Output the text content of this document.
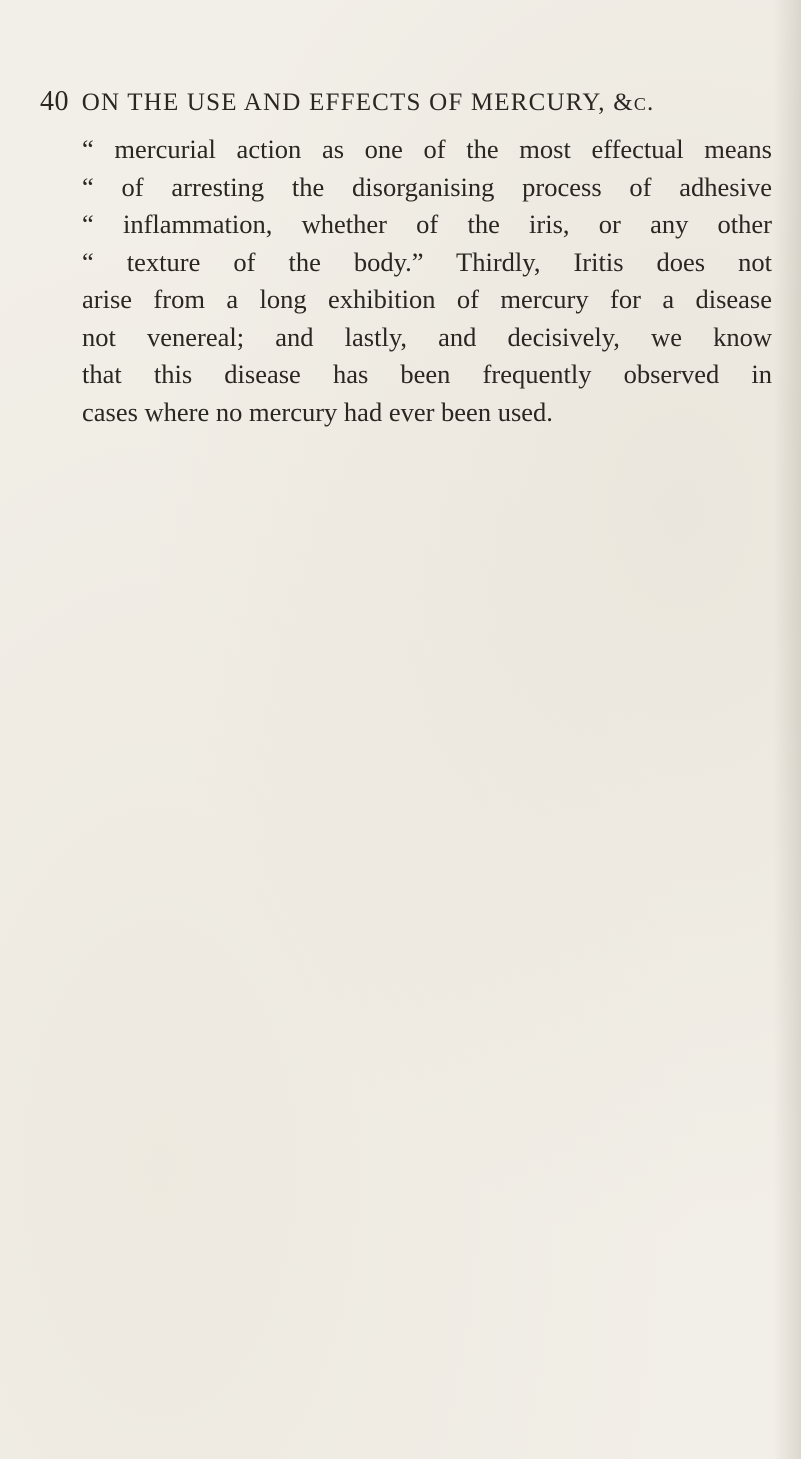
40 ON THE USE AND EFFECTS OF MERCURY, &c.
“ mercurial action as one of the most effectual means
“ of arresting the disorganising process of adhesive
“ inflammation, whether of the iris, or any other
“ texture of the body.” Thirdly, Iritis does not
arise from a long exhibition of mercury for a disease
not venereal; and lastly, and decisively, we know
that this disease has been frequently observed in
cases where no mercury had ever been used.
